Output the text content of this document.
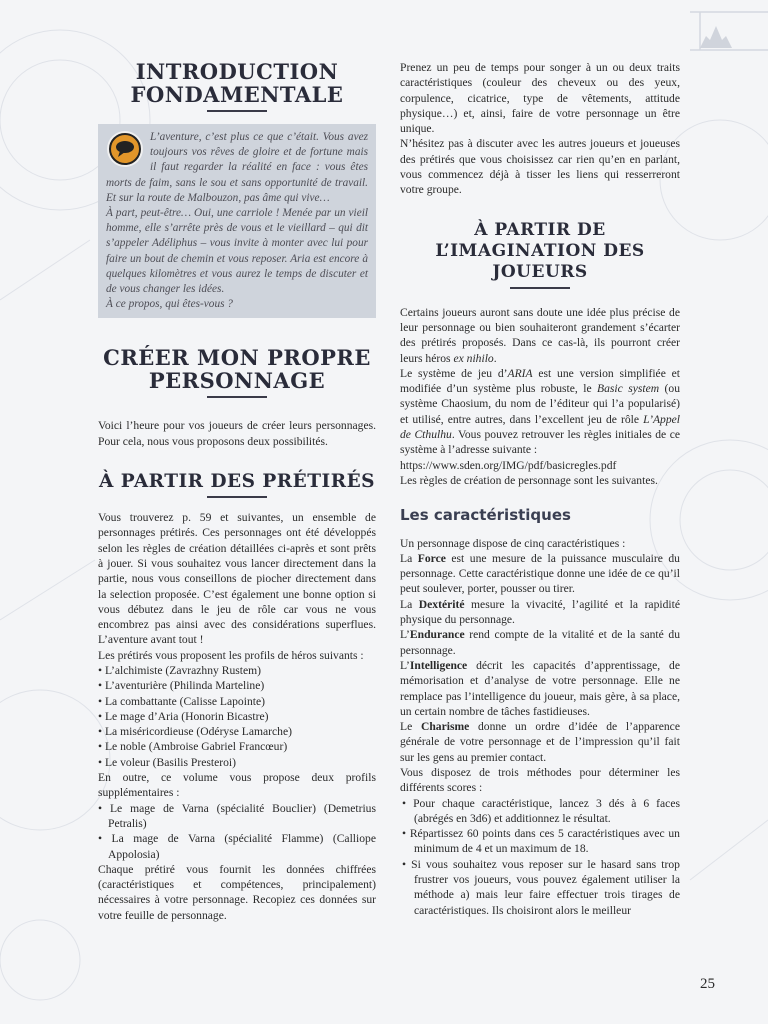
INTRODUCTION
FONDAMENTALE

L’aventure, c’est plus ce que c’était. Vous avez toujours vos rêves de gloire et de fortune mais il faut regarder la réalité en face : vous êtes morts de faim, sans le sou et sans opportunité de travail. Et sur la route de Malbouzon, pas âme qui vive…

À part, peut-être… Oui, une carriole ! Menée par un vieil homme, elle s’arrête près de vous et le vieillard – qui dit s’appeler Adéliphus – vous invite à monter avec lui pour faire un bout de chemin et vous reposer. Aria est encore à quelques kilomètres et vous aurez le temps de discuter et de vous changer les idées.

À ce propos, qui êtes-vous ?

CRÉER MON PROPRE
PERSONNAGE

Voici l’heure pour vos joueurs de créer leurs personnages. Pour cela, nous vous proposons deux possibilités.

À PARTIR DES PRÉTIRÉS

Vous trouverez p. 59 et suivantes, un ensemble de personnages prétirés. Ces personnages ont été développés selon les règles de création détaillées ci-après et sont prêts à jouer. Si vous souhaitez vous lancer directement dans la partie, nous vous conseillons de piocher directement dans la selection proposée. C’est également une bonne option si vous débutez dans le jeu de rôle car vous ne vous encombrez pas ainsi avec des considérations superflues. L’aventure avant tout !

Les prétirés vous proposent les profils de héros suivants :

• L’alchimiste (Zavrazhny Rustem)
• L’aventurière (Philinda Marteline)
• La combattante (Calisse Lapointe)
• Le mage d’Aria (Honorin Bicastre)
• La miséricordieuse (Odéryse Lamarche)
• Le noble (Ambroise Gabriel Francœur)
• Le voleur (Basilis Presteroi)

En outre, ce volume vous propose deux profils supplémentaires :

• Le mage de Varna (spécialité Bouclier) (Demetrius Petralis)
• La mage de Varna (spécialité Flamme) (Calliope Appolosia)

Chaque prétiré vous fournit les données chiffrées (caractéristiques et compétences, principalement) nécessaires à votre personnage. Recopiez ces données sur votre feuille de personnage.

Prenez un peu de temps pour songer à un ou deux traits caractéristiques (couleur des cheveux ou des yeux, corpulence, cicatrice, type de vêtements, attitude physique…) et, ainsi, faire de votre personnage un être unique.

N’hésitez pas à discuter avec les autres joueurs et joueuses des prétirés que vous choisissez car rien qu’en en parlant, vous commencez déjà à tisser les liens qui resserreront votre groupe.

À PARTIR DE
L’IMAGINATION DES
JOUEURS

Certains joueurs auront sans doute une idée plus précise de leur personnage ou bien souhaiteront grandement s’écarter des prétirés proposés. Dans ce cas-là, ils pourront créer leurs héros ex nihilo.

Le système de jeu d’ARIA est une version simplifiée et modifiée d’un système plus robuste, le Basic system (ou système Chaosium, du nom de l’éditeur qui l’a popularisé) et utilisé, entre autres, dans l’excellent jeu de rôle L’Appel de Cthulhu. Vous pouvez retrouver les règles initiales de ce système à l’adresse suivante :

https://www.sden.org/IMG/pdf/basicregles.pdf

Les règles de création de personnage sont les suivantes.

Les caractéristiques

Un personnage dispose de cinq caractéristiques :

La Force est une mesure de la puissance musculaire du personnage. Cette caractéristique donne une idée de ce qu’il peut soulever, porter, pousser ou tirer.

La Dextérité mesure la vivacité, l’agilité et la rapidité physique du personnage.

L’Endurance rend compte de la vitalité et de la santé du personnage.

L’Intelligence décrit les capacités d’apprentissage, de mémorisation et d’analyse de votre personnage. Elle ne remplace pas l’intelligence du joueur, mais gère, à sa place, un certain nombre de tâches fastidieuses.

Le Charisme donne un ordre d’idée de l’apparence générale de votre personnage et de l’impression qu’il fait sur les gens au premier contact.

Vous disposez de trois méthodes pour déterminer les différents scores :

• Pour chaque caractéristique, lancez 3 dés à 6 faces (abrégés en 3d6) et additionnez le résultat.
• Répartissez 60 points dans ces 5 caractéristiques avec un minimum de 4 et un maximum de 18.
• Si vous souhaitez vous reposer sur le hasard sans trop frustrer vos joueurs, vous pouvez également utiliser la méthode a) mais leur faire effectuer trois tirages de caractéristiques. Ils choisiront alors le meilleur
25
